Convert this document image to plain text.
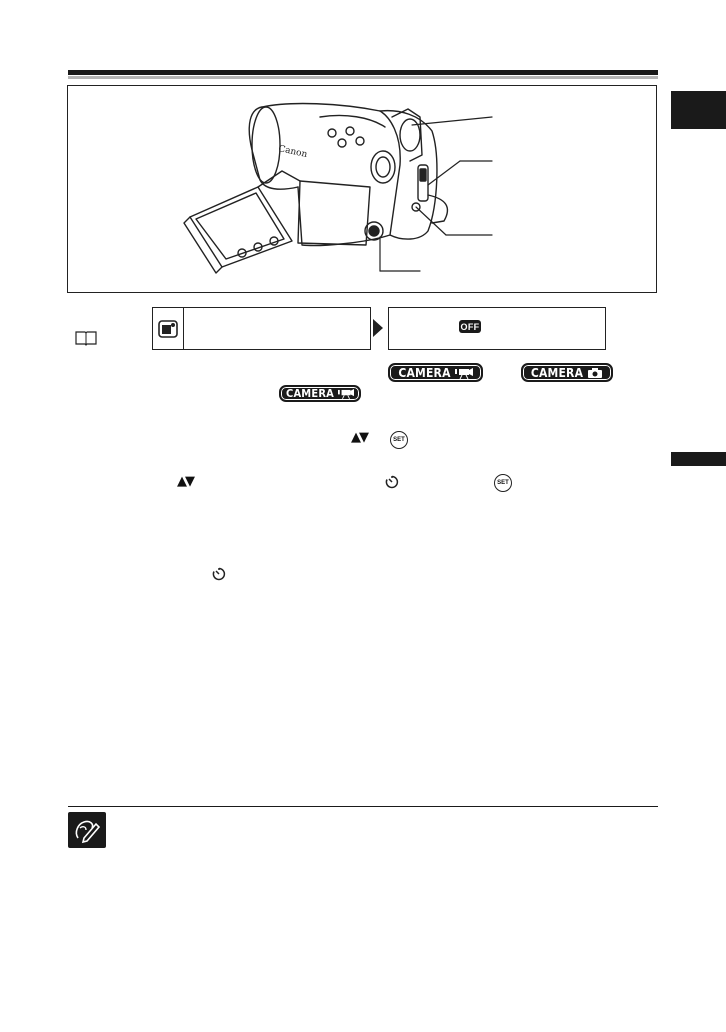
Canon
OFF
CAMERA	CAMERA
CAMERA
▲▼	SET
▲▼	SET
